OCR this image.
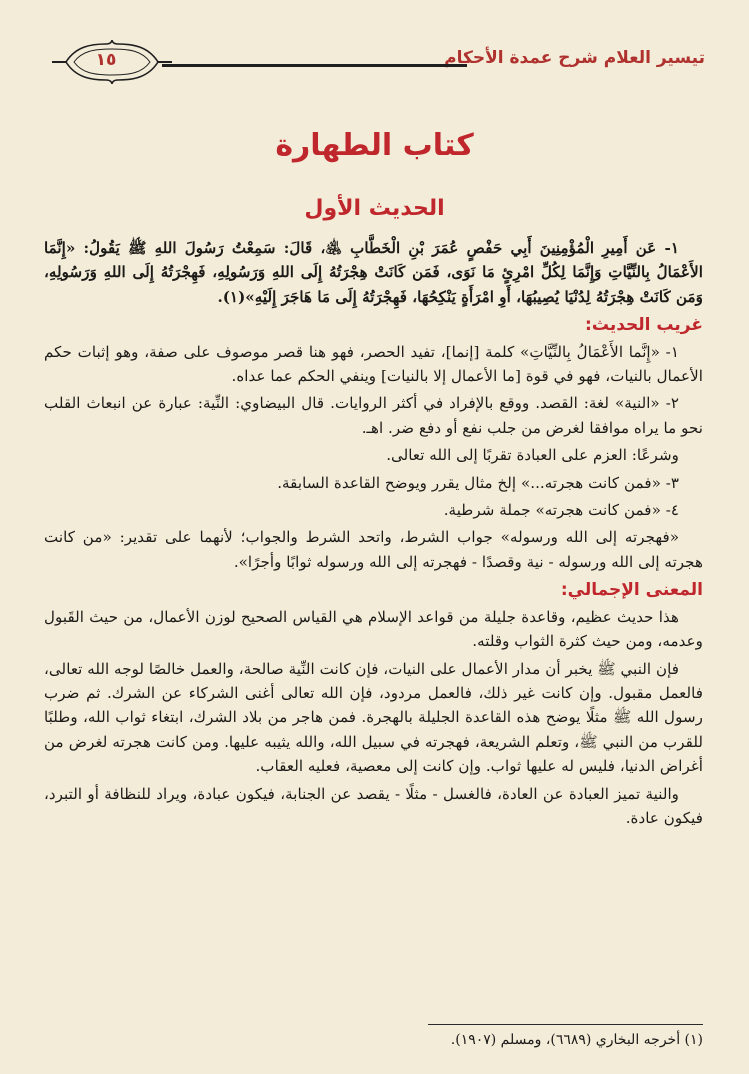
تيسير العلام شرح عمدة الأحكام
١٥
كتاب الطهارة
الحديث الأول

١- عَن أَمِيرِ الْمُؤْمِنِينَ أَبِي حَفْصٍ عُمَرَ بْنِ الْخَطَّابِ ﵁، قَالَ: سَمِعْتُ رَسُولَ اللهِ ﷺ يَقُولُ: «إِنَّمَا الأَعْمَالُ بِالنِّيَّاتِ وَإِنَّمَا لِكُلِّ امْرِئٍ مَا نَوَى، فَمَن كَانَتْ هِجْرَتُهُ إِلَى اللهِ وَرَسُولِهِ، فَهِجْرَتُهُ إِلَى اللهِ وَرَسُولِهِ، وَمَن كَانَتْ هِجْرَتُهُ لِدُنْيَا يُصِيبُهَا، أَوِ امْرَأَةٍ يَنْكِحُهَا، فَهِجْرَتُهُ إِلَى مَا هَاجَرَ إِلَيْهِ»(١).

غريب الحديث:

١- «إِنَّما الأَعْمَالُ بِالنِّيَّاتِ» كلمة [إنما]، تفيد الحصر، فهو هنا قصر موصوف على صفة، وهو إثبات حكم الأعمال بالنيات، فهو في قوة [ما الأعمال إلا بالنيات] وينفي الحكم عما عداه.

٢- «النية» لغة: القصد. ووقع بالإفراد في أكثر الروايات. قال البيضاوي: النِّية: عبارة عن انبعاث القلب نحو ما يراه موافقا لغرض من جلب نفع أو دفع ضر. اهـ.

وشرعًا: العزم على العبادة تقربًا إلى الله تعالى.

٣- «فمن كانت هجرته...» إلخ مثال يقرر ويوضح القاعدة السابقة.

٤- «فمن كانت هجرته» جملة شرطية.

«فهجرته إلى الله ورسوله» جواب الشرط، واتحد الشرط والجواب؛ لأنهما على تقدير: «من كانت هجرته إلى الله ورسوله - نية وقصدًا - فهجرته إلى الله ورسوله ثوابًا وأجرًا».

المعنى الإجمالي:

هذا حديث عظيم، وقاعدة جليلة من قواعد الإسلام هي القياس الصحيح لوزن الأعمال، من حيث القَبول وعدمه، ومن حيث كثرة الثواب وقلته.

فإن النبي ﷺ يخبر أن مدار الأعمال على النيات، فإن كانت النِّية صالحة، والعمل خالصًا لوجه الله تعالى، فالعمل مقبول. وإن كانت غير ذلك، فالعمل مردود، فإن الله تعالى أغنى الشركاء عن الشرك. ثم ضرب رسول الله ﷺ مثلًا يوضح هذه القاعدة الجليلة بالهجرة. فمن هاجر من بلاد الشرك، ابتغاء ثواب الله، وطلبًا للقرب من النبي ﷺ، وتعلم الشريعة، فهجرته في سبيل الله، والله يثيبه عليها. ومن كانت هجرته لغرض من أغراض الدنيا، فليس له عليها ثواب. وإن كانت إلى معصية، فعليه العقاب.

والنية تميز العبادة عن العادة، فالغسل - مثلًا - يقصد عن الجنابة، فيكون عبادة، ويراد للنظافة أو التبرد، فيكون عادة.

(١) أخرجه البخاري (٦٦٨٩)، ومسلم (١٩٠٧).
